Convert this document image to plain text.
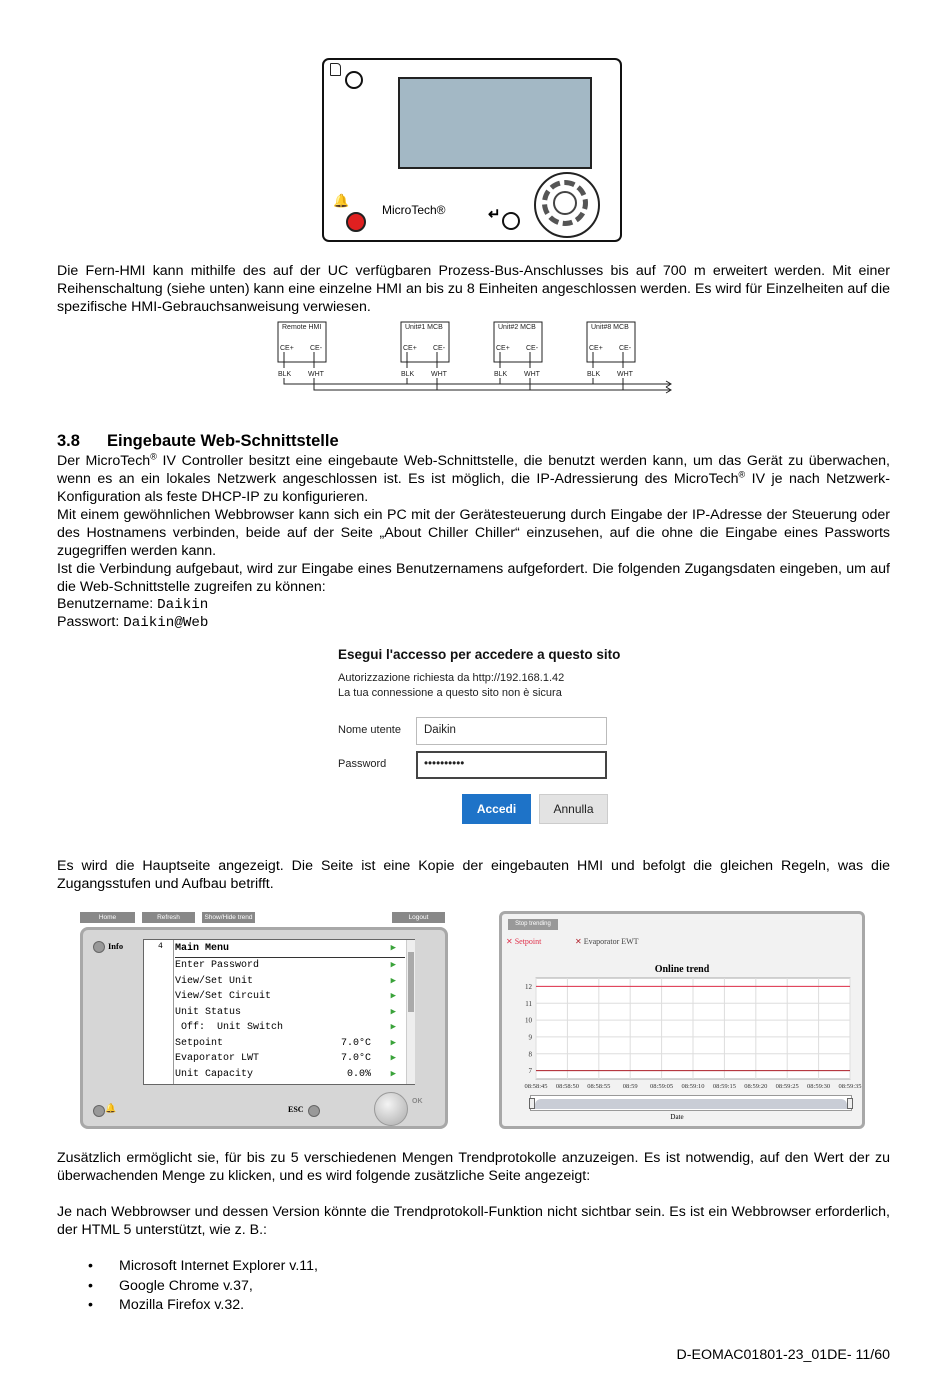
🔔
MicroTech®	↵
Die Fern-HMI kann mithilfe des auf der UC verfügbaren Prozess-Bus-Anschlusses bis auf 700 m erweitert werden. Mit einer Reihenschaltung (siehe unten) kann eine einzelne HMI an bis zu 8 Einheiten angeschlossen werden. Es wird für Einzelheiten auf die spezifische HMI-Gebrauchsanweisung verwiesen.
Remote HMI	Unit#1 MCB	Unit#2 MCB	Unit#8 MCB
CE+ CE-	CE+ CE-	CE+ CE-	CE+ CE-
BLK WHT	BLK WHT	BLK WHT	BLK WHT
3.8 Eingebaute Web-Schnittstelle
Der MicroTech® IV Controller besitzt eine eingebaute Web-Schnittstelle, die benutzt werden kann, um das Gerät zu überwachen, wenn es an ein lokales Netzwerk angeschlossen ist. Es ist möglich, die IP-Adressierung des MicroTech® IV je nach Netzwerk-Konfiguration als feste DHCP-IP zu konfigurieren.
Mit einem gewöhnlichen Webbrowser kann sich ein PC mit der Gerätesteuerung durch Eingabe der IP-Adresse der Steuerung oder des Hostnamens verbinden, beide auf der Seite „About Chiller Chiller“ einzusehen, auf die ohne die Eingabe eines Passworts zugegriffen werden kann.
Ist die Verbindung aufgebaut, wird zur Eingabe eines Benutzernamens aufgefordert. Die folgenden Zugangsdaten eingeben, um auf die Web-Schnittstelle zugreifen zu können:
Benutzername: Daikin
Passwort: Daikin@Web
Esegui l'accesso per accedere a questo sito
Autorizzazione richiesta da http://192.168.1.42
La tua connessione a questo sito non è sicura
Nome utente	Daikin
Password	••••••••••
Accedi	Annulla
Es wird die Hauptseite angezeigt. Die Seite ist eine Kopie der eingebauten HMI und befolgt die gleichen Regeln, was die Zugangsstufen und Aufbau betrifft.
Home	Refresh	Show/Hide trend	Logout
Info
🔔	ESC
OK
4 Main Menu	▶
Enter Password	▶
View/Set Unit	▶
View/Set Circuit	▶
Unit Status	▶
Off:  Unit Switch	▶
Setpoint	7.0°C ▶
Evaporator LWT	7.0°C ▶
Unit Capacity	0.0% ▶
Stop trending
✕ Setpoint	✕ Evaporator EWT
Online trend
08:58:45 08:58:50 08:58:55 08:59 08:59:05 08:59:10 08:59:15 08:59:20 08:59:25 08:59:30 08:59:35
7
8
9
10
11
12
Date
Zusätzlich ermöglicht sie, für bis zu 5 verschiedenen Mengen Trendprotokolle anzuzeigen. Es ist notwendig, auf den Wert der zu überwachenden Menge zu klicken, und es wird folgende zusätzliche Seite angezeigt:
Je nach Webbrowser und dessen Version könnte die Trendprotokoll-Funktion nicht sichtbar sein. Es ist ein Webbrowser erforderlich, der HTML 5 unterstützt, wie z. B.:
• Microsoft Internet Explorer v.11,
• Google Chrome v.37,
• Mozilla Firefox v.32.
D-EOMAC01801-23_01DE- 11/60
